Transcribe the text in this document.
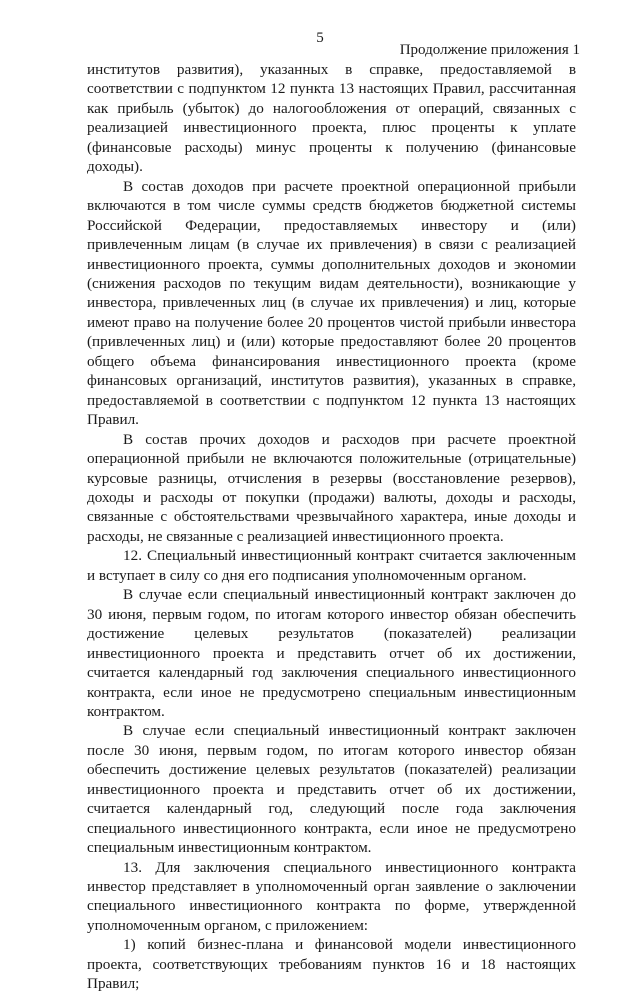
5
Продолжение приложения 1

институтов развития), указанных в справке, предоставляемой в соответствии с подпунктом 12 пункта 13 настоящих Правил, рассчитанная как прибыль (убыток) до налогообложения от операций, связанных с реализацией инвестиционного проекта, плюс проценты к уплате (финансовые расходы) минус проценты к получению (финансовые доходы).

В состав доходов при расчете проектной операционной прибыли включаются в том числе суммы средств бюджетов бюджетной системы Российской Федерации, предоставляемых инвестору и (или) привлеченным лицам (в случае их привлечения) в связи с реализацией инвестиционного проекта, суммы дополнительных доходов и экономии (снижения расходов по текущим видам деятельности), возникающие у инвестора, привлеченных лиц (в случае их привлечения) и лиц, которые имеют право на получение более 20 процентов чистой прибыли инвестора (привлеченных лиц) и (или) которые предоставляют более 20 процентов общего объема финансирования инвестиционного проекта (кроме финансовых организаций, институтов развития), указанных в справке, предоставляемой в соответствии с подпунктом 12 пункта 13 настоящих Правил.

В состав прочих доходов и расходов при расчете проектной операционной прибыли не включаются положительные (отрицательные) курсовые разницы, отчисления в резервы (восстановление резервов), доходы и расходы от покупки (продажи) валюты, доходы и расходы, связанные с обстоятельствами чрезвычайного характера, иные доходы и расходы, не связанные с реализацией инвестиционного проекта.

12. Специальный инвестиционный контракт считается заключенным и вступает в силу со дня его подписания уполномоченным органом.

В случае если специальный инвестиционный контракт заключен до 30 июня, первым годом, по итогам которого инвестор обязан обеспечить достижение целевых результатов (показателей) реализации инвестиционного проекта и представить отчет об их достижении, считается календарный год заключения специального инвестиционного контракта, если иное не предусмотрено специальным инвестиционным контрактом.

В случае если специальный инвестиционный контракт заключен после 30 июня, первым годом, по итогам которого инвестор обязан обеспечить достижение целевых результатов (показателей) реализации инвестиционного проекта и представить отчет об их достижении, считается календарный год, следующий после года заключения специального инвестиционного контракта, если иное не предусмотрено специальным инвестиционным контрактом.

13. Для заключения специального инвестиционного контракта инвестор представляет в уполномоченный орган заявление о заключении специального инвестиционного контракта по форме, утвержденной уполномоченным органом, с приложением:

1) копий бизнес-плана и финансовой модели инвестиционного проекта, соответствующих требованиям пунктов 16 и 18 настоящих Правил;
